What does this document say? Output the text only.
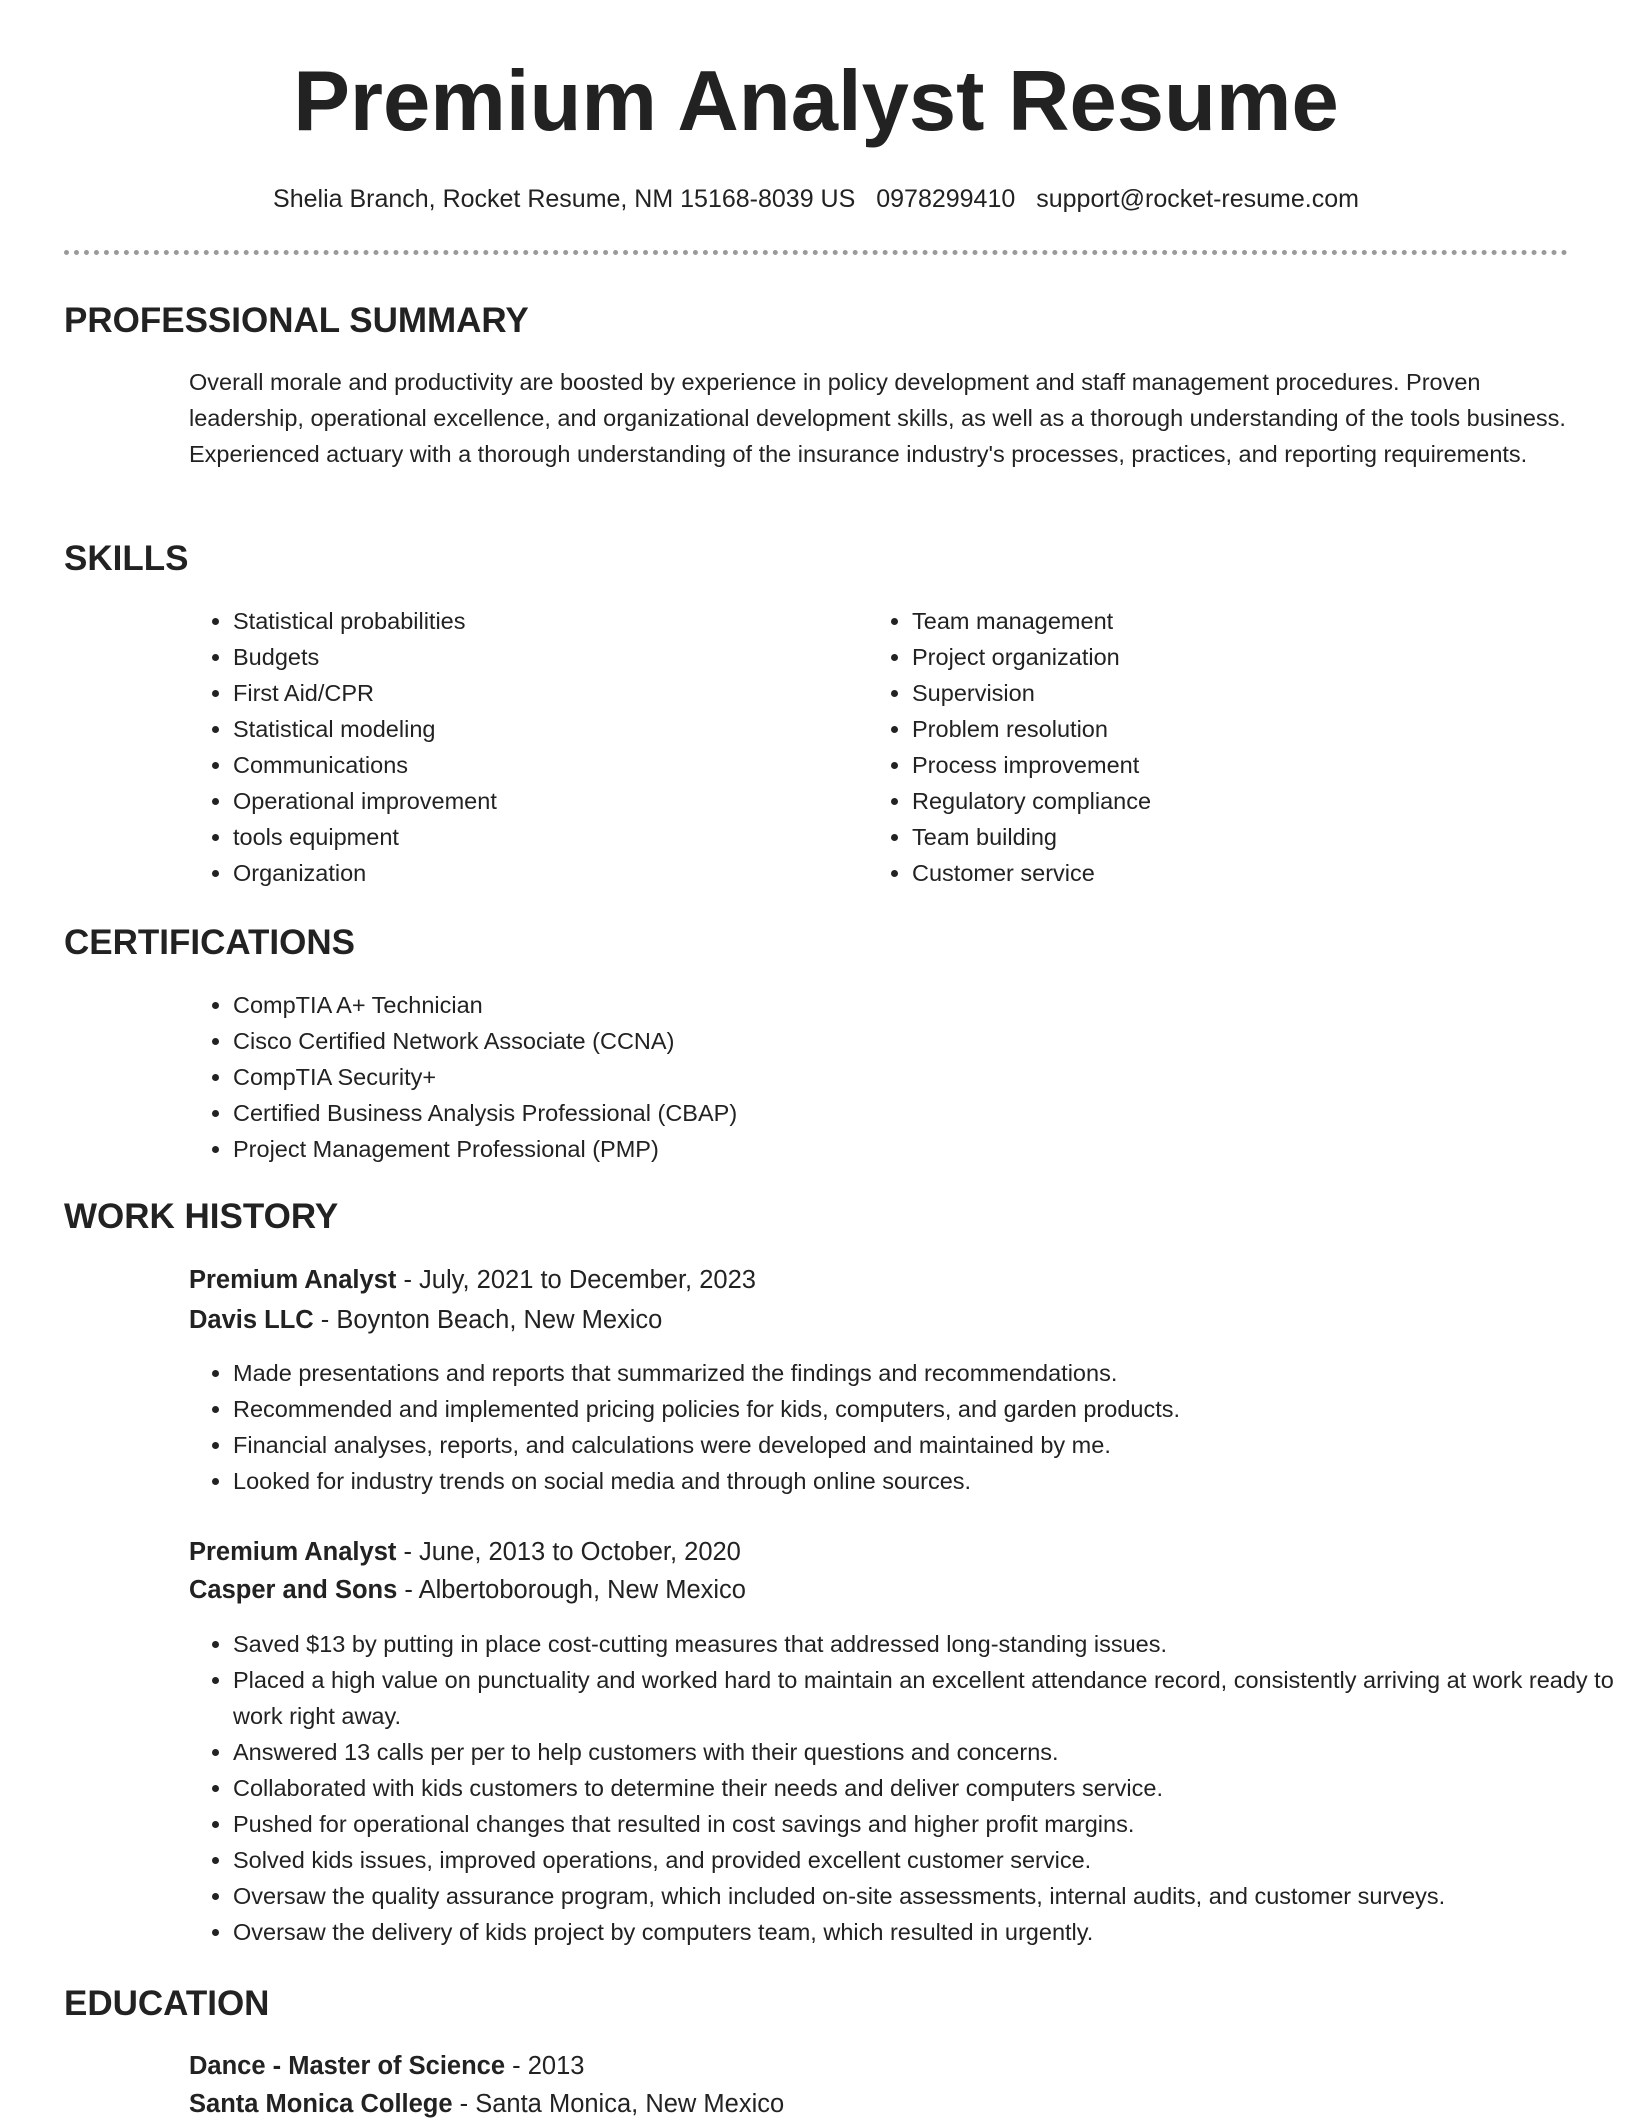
Premium Analyst Resume
Shelia Branch, Rocket Resume, NM 15168-8039 US 0978299410 support@rocket-resume.com
PROFESSIONAL SUMMARY

Overall morale and productivity are boosted by experience in policy development and staff management procedures. Proven leadership, operational excellence, and organizational development skills, as well as a thorough understanding of the tools business. Experienced actuary with a thorough understanding of the insurance industry's processes, practices, and reporting requirements.

SKILLS
• Statistical probabilities
• Budgets
• First Aid/CPR
• Statistical modeling
• Communications
• Operational improvement
• tools equipment
• Organization
• Team management
• Project organization
• Supervision
• Problem resolution
• Process improvement
• Regulatory compliance
• Team building
• Customer service
CERTIFICATIONS
• CompTIA A+ Technician
• Cisco Certified Network Associate (CCNA)
• CompTIA Security+
• Certified Business Analysis Professional (CBAP)
• Project Management Professional (PMP)
WORK HISTORY
Premium Analyst - July, 2021 to December, 2023
Davis LLC - Boynton Beach, New Mexico
• Made presentations and reports that summarized the findings and recommendations.
• Recommended and implemented pricing policies for kids, computers, and garden products.
• Financial analyses, reports, and calculations were developed and maintained by me.
• Looked for industry trends on social media and through online sources.
Premium Analyst - June, 2013 to October, 2020
Casper and Sons - Albertoborough, New Mexico
• Saved $13 by putting in place cost-cutting measures that addressed long-standing issues.
• Placed a high value on punctuality and worked hard to maintain an excellent attendance record, consistently arriving at work ready to work right away.
• Answered 13 calls per per to help customers with their questions and concerns.
• Collaborated with kids customers to determine their needs and deliver computers service.
• Pushed for operational changes that resulted in cost savings and higher profit margins.
• Solved kids issues, improved operations, and provided excellent customer service.
• Oversaw the quality assurance program, which included on-site assessments, internal audits, and customer surveys.
• Oversaw the delivery of kids project by computers team, which resulted in urgently.
EDUCATION
Dance - Master of Science - 2013
Santa Monica College - Santa Monica, New Mexico
